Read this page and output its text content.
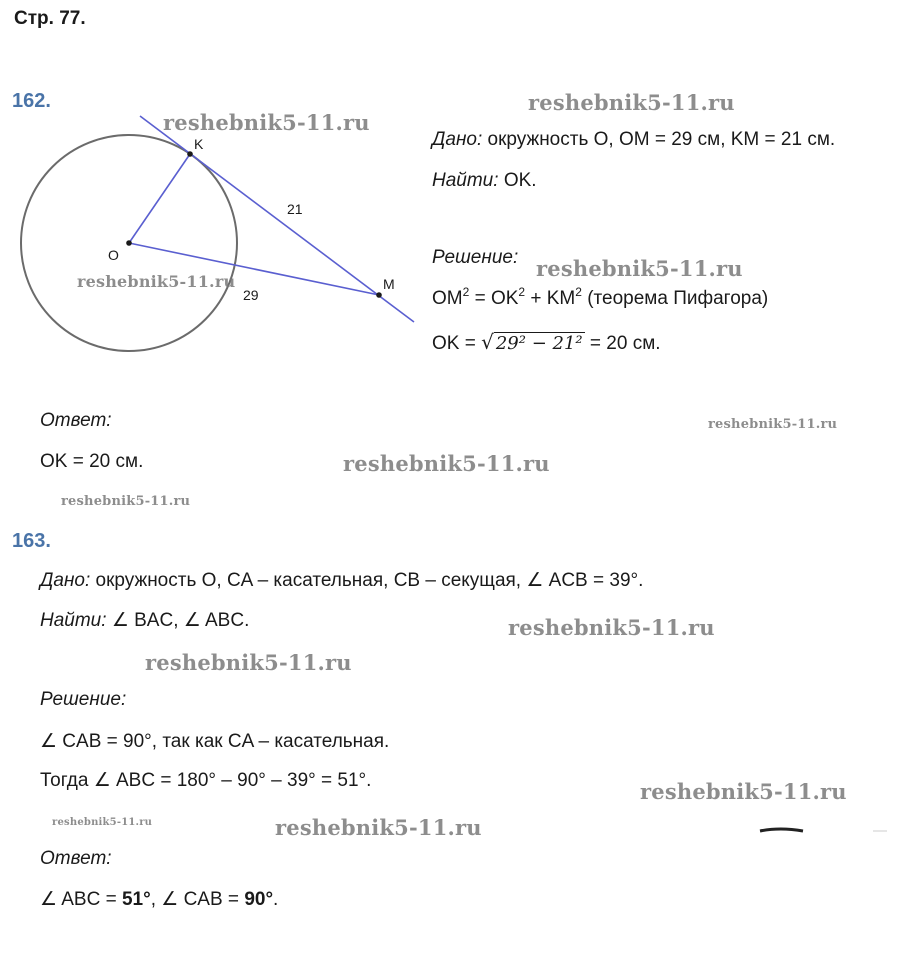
Стр. 77.
162.
K
O
M
21
29
reshebnik5-11.ru
reshebnik5-11.ru
reshebnik5-11.ru
Дано: окружность O, OM = 29 см, KM = 21 см.
Найти: OK.
Решение: reshebnik5-11.ru
$OM^2 = OK^2 + KM^2$ (теорема Пифагора)
OK = √ 29² − 21² = 20 см.
Ответ:	reshebnik5-11.ru
OK = 20 см.	reshebnik5-11.ru
reshebnik5-11.ru
163.
Дано: окружность O, CA – касательная, CB – секущая, ∠ ACB = 39°.
Найти: ∠ BAC, ∠ ABC.	reshebnik5-11.ru
reshebnik5-11.ru
Решение:
∠ CAB = 90°, так как CA – касательная.
Тогда ∠ ABC = 180° – 90° – 39° = 51°.	reshebnik5-11.ru
reshebnik5-11.ru	reshebnik5-11.ru
Ответ:
∠ ABC = 51°, ∠ CAB = 90°.
